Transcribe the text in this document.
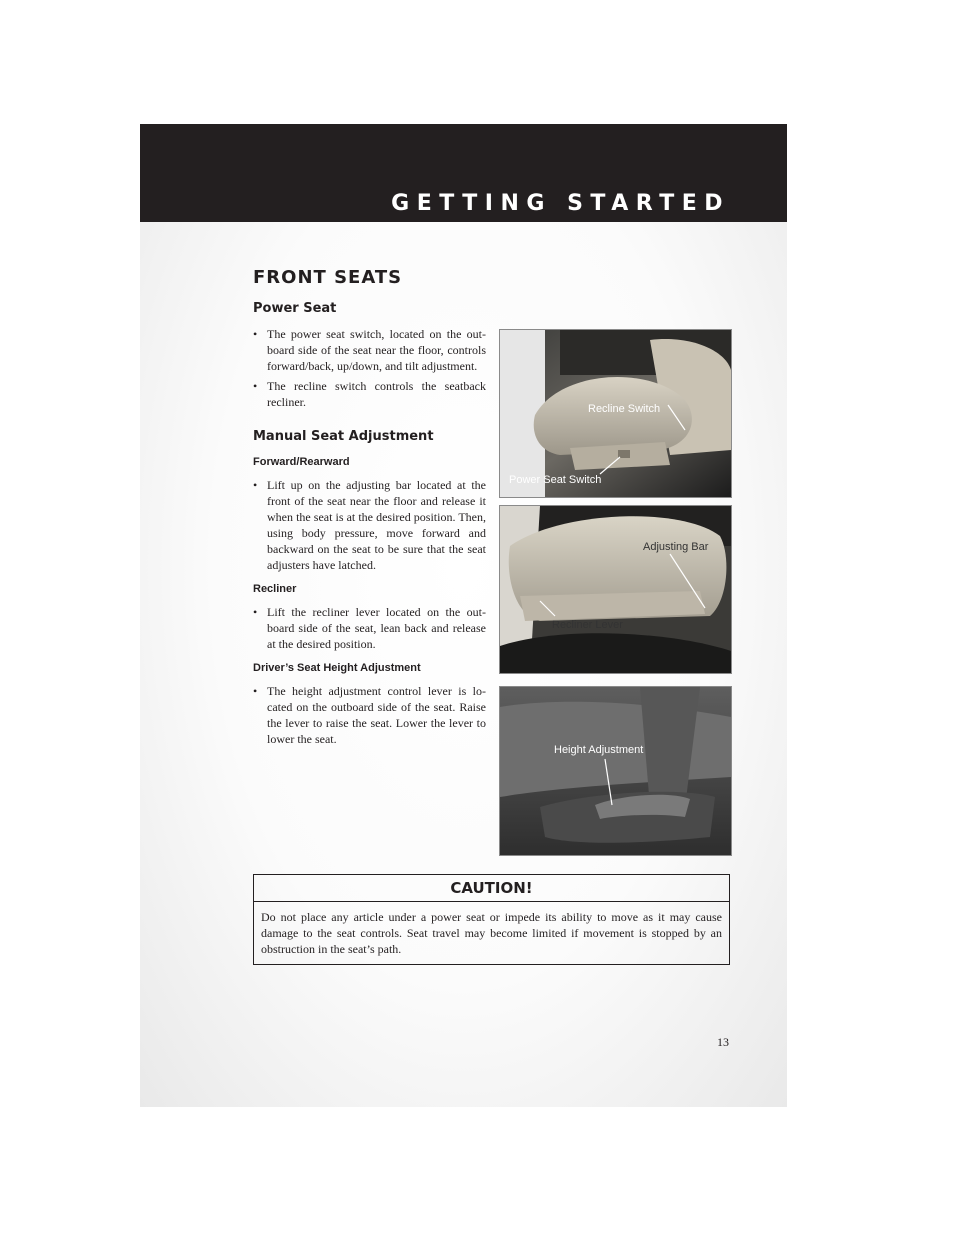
GETTING STARTED
FRONT SEATS
Power Seat
• The power seat switch, located on the out-board side of the seat near the floor, controls forward/back, up/down, and tilt adjustment.
• The recline switch controls the seatback recliner.
Manual Seat Adjustment
Forward/Rearward
• Lift up on the adjusting bar located at the front of the seat near the floor and release it when the seat is at the desired position. Then, using body pressure, move forward and backward on the seat to be sure that the seat adjusters have latched.
Recliner
• Lift the recliner lever located on the out-board side of the seat, lean back and release at the desired position.
Driver’s Seat Height Adjustment
• The height adjustment control lever is lo-cated on the outboard side of the seat. Raise the lever to raise the seat. Lower the lever to lower the seat.
Recline Switch
Power Seat Switch
Adjusting Bar
Recliner Lever
Height Adjustment
CAUTION!
Do not place any article under a power seat or impede its ability to move as it may cause damage to the seat controls. Seat travel may become limited if movement is stopped by an obstruction in the seat’s path.
13
